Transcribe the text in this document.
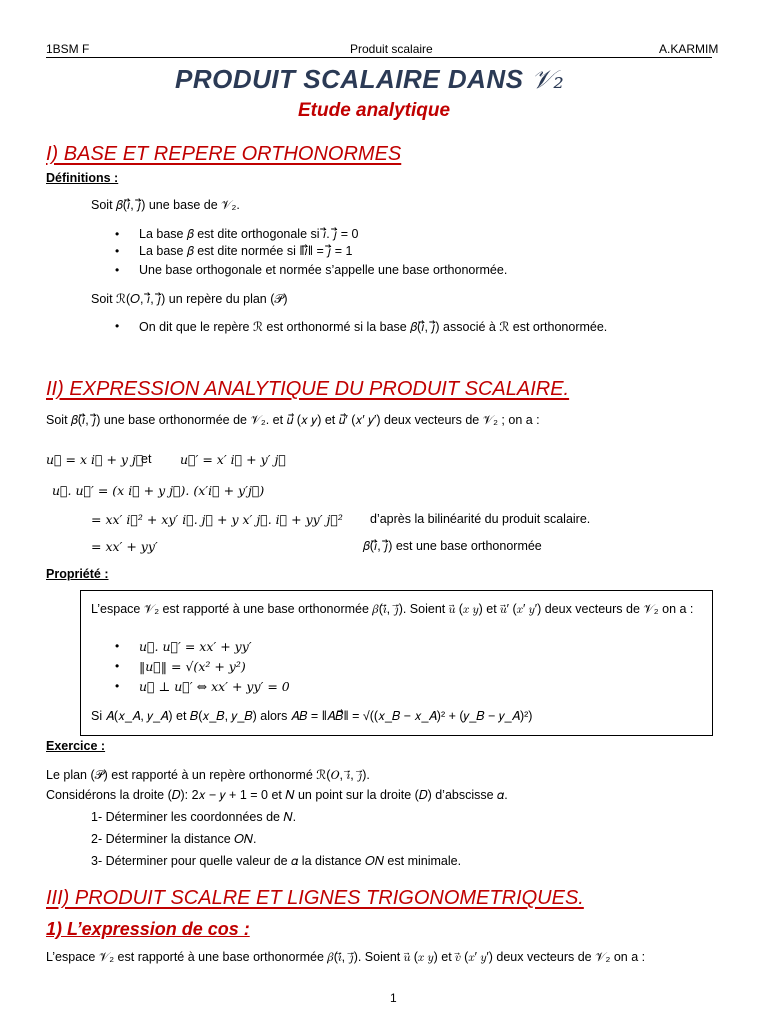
1BSM F	Produit scalaire	A.KARMIM
PRODUIT SCALAIRE DANS 𝒱₂
Etude analytique
I) BASE ET REPERE ORTHONORMES
Définitions :
Soit 𝛽(𝑖⃗, 𝑗⃗) une base de 𝒱₂.
• La base 𝛽 est dite orthogonale si 𝑖⃗. 𝑗⃗ = 0
• La base 𝛽 est dite normée si ‖𝑖⃗‖ = 𝑗⃗ = 1
• Une base orthogonale et normée s’appelle une base orthonormée.
Soit ℛ(𝑂, 𝑖⃗, 𝑗⃗) un repère du plan (𝒫)
• On dit que le repère ℛ est orthonormé si la base 𝛽(𝑖⃗, 𝑗⃗) associé à ℛ est orthonormée.
II) EXPRESSION ANALYTIQUE DU PRODUIT SCALAIRE.
Soit 𝛽(𝑖⃗, 𝑗⃗) une base orthonormée de 𝒱₂. et 𝑢⃗ (𝑥 𝑦) et 𝑢⃗′ (𝑥′ 𝑦′) deux vecteurs de 𝒱₂ ; on a :
𝑢⃗ = 𝑥 𝑖⃗ + 𝑦 𝑗⃗
et 𝑢⃗′ = 𝑥′ 𝑖⃗ + 𝑦′ 𝑗⃗
𝑢⃗. 𝑢⃗′ = (𝑥 𝑖⃗ + 𝑦 𝑗⃗). (𝑥′𝑖⃗ + 𝑦′𝑗⃗)
= 𝑥𝑥′ 𝑖⃗² + 𝑥𝑦′ 𝑖⃗. 𝑗⃗ + 𝑦 𝑥′ 𝑗⃗. 𝑖⃗ + 𝑦𝑦′ 𝑗⃗² d’après la bilinéarité du produit scalaire.
= 𝑥𝑥′ + 𝑦𝑦′	𝛽(𝑖⃗, 𝑗⃗) est une base orthonormée
Propriété :
L’espace 𝒱₂ est rapporté à une base orthonormée 𝛽(𝑖⃗, 𝑗⃗). Soient 𝑢⃗ (𝑥 𝑦) et 𝑢⃗′ (𝑥′ 𝑦′) deux vecteurs de 𝒱₂ on a :
• 𝑢⃗. 𝑢⃗′ = 𝑥𝑥′ + 𝑦𝑦′
• ‖𝑢⃗‖ = √(𝑥² + 𝑦²)
• 𝑢⃗ ⊥ 𝑢⃗′ ⇔ 𝑥𝑥′ + 𝑦𝑦′ = 0
Si 𝐴(𝑥_𝐴, 𝑦_𝐴) et 𝐵(𝑥_𝐵, 𝑦_𝐵) alors 𝐴𝐵 = ‖𝐴𝐵⃗‖ = √((𝑥_𝐵 − 𝑥_𝐴)² + (𝑦_𝐵 − 𝑦_𝐴)²)
Exercice :
Le plan (𝒫) est rapporté à un repère orthonormé ℛ(𝑂, 𝑖⃗, 𝑗⃗).
Considérons la droite (𝐷): 2𝑥 − 𝑦 + 1 = 0 et 𝑁 un point sur la droite (𝐷) d’abscisse 𝛼.
1- Déterminer les coordonnées de 𝑁.
2- Déterminer la distance 𝑂𝑁.
3- Déterminer pour quelle valeur de 𝛼 la distance 𝑂𝑁 est minimale.
III) PRODUIT SCALRE ET LIGNES TRIGONOMETRIQUES.
1) L’expression de cos :
L’espace 𝒱₂ est rapporté à une base orthonormée 𝛽(𝑖⃗, 𝑗⃗). Soient 𝑢⃗ (𝑥 𝑦) et 𝑣⃗ (𝑥′ 𝑦′) deux vecteurs de 𝒱₂ on a :
1
